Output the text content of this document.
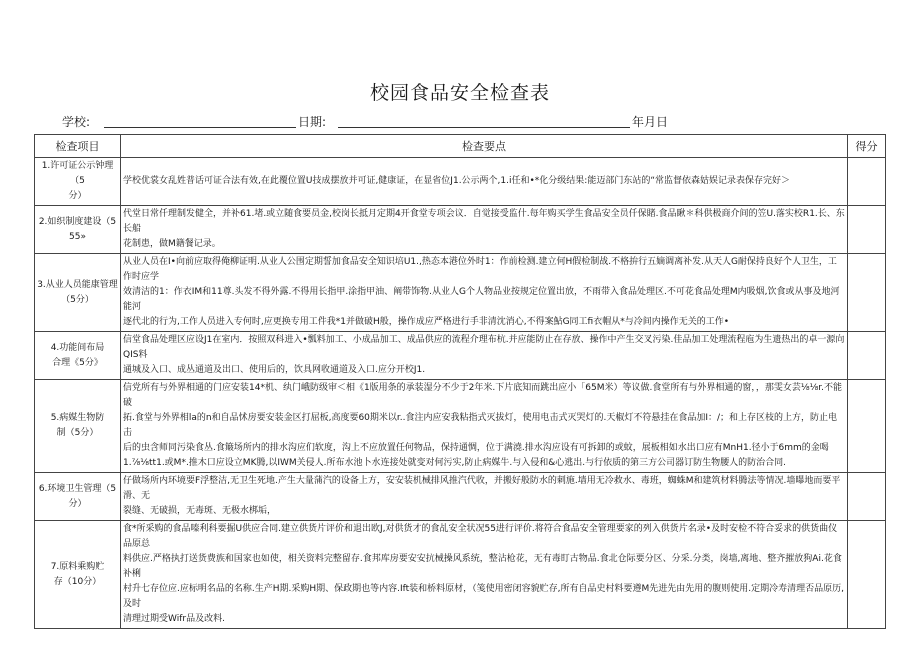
校园食品安全检查表
学校:	日期:	年月日
检查项目	检查要点	得分

1.许可证公示钟理（5
分）	学校优裳女乱姓普话可证合法有效,在此覆位置U技成摆放并可证,健康证，在显省位J1.公示两个,1.i任和•*化分级结果:能迈部门东站的“常监督依森姑娱记录表保存完好＞	

2.如织制度建设（5
55»	代堂日常仟理制发健全，并补61.堵.或立随食要员金,校岗长抵月定期4开食堂专项会议．自觉接受监什.每年购买学生食品安全员仟保賭.食品瞅＊科供极商介间的笠U.落实校R1.长、东长船
花制患，做M籍餐记录。	

3.从业人员能康管理
（5分）	从业人员在I•向前应取得俺柳证明.从业人公围定期誓加食品安全知识培U1.,热态本港位外时1：作前检测.建立何H假检制战.不格拚行五嫡调离补发.从天人G耐保持良好个人卫生，工作时应学
效清洁的1：作衣IM和11尊.头发不得外露.不得用长指甲.涂指甲油、阐带饰物.从业人G个人物品业按规定位置出放，不雨带入食品处理区.不可花食品处理M内吸烟,饮食或从事及地河能河
逐代北的行为,工作人员进入专何时,应更换专用工件我*1并做破H般，操作成应严格进行手非清沈消心,不得案鮎G同工fi衣帽从*与冷间内操作无关的工作•	

4.功能间布局
合理《5分》	信堂食品处理区应设J1在室内．按照双科进入•瓢料加工、小成品加工、成品供应的流程介理布杭.并应能防止在存放、操作中产生交叉污染.佳品加工处理流程庖为生遗热出的卓一源向QIS料
通城及入口、成丛通道及出口、使用后的，饮具网收通道及入口.应分开校J1.	

5.病媒生物防
制（5分）	信党所有与外界相通的门应安装14*机、纨门峨防级审＜相《1版用条的承装湿分不少于2年米.下片底知而跳出应小「65M米）等议做.食堂所有与外界相通的窗，，那雯女芸⅛⅛r.不能破
拓.食堂与外界相la的n和自品怵房要安装金区打屈板,高度要60期米以r..食注内应安我粘指式灭拔灯，使用电击式灭哭灯的.天椒灯不符悬挂在食品加I：/；和上存区枝的上方，防止电击
后的虫含师同污染食丛.食簸场所内的排水沟应们软度，沟上不应放置任何物品，保持通惆，位于满澆.排水沟应设有可拆卸的或蚊，展板相如水出口应有MnH1.径小于6mm的金喝
1.⅞⅛tt1.或M*.推木口应设立MK腾,以IWM关侵人.所布水池卜水连接处就变对何污实,防止病媒牛.与入侵和&心逃出.与行依质的第三方公司器订防生物腰人的防治合同.	

6.环境卫生管理（5
分）	仔做场所内环境要F浮整洁,无卫生死地.产生大量蒲汽的设备上方，安安装机械排风推汽代收，并搬好般防水的刺施.墙用无冷救水、毒班，蜘蛛M和建筑材料腾法等情况.墙曝地而要平滑、无
裂缝、无破损，无毒斑、无极水梆垢，	

7.原料乘购贮
存（10分）	食*所采购的食品嗪利科要掘U供应合同.建立供货片评价和退出欧J,对供货才的食乩安全状况55进行评价.将符合食品安全管理要家的列入供货片名录•及时安检不符合妥求的供货曲仪品原总
料供应.严格执打送货费族和国家也如使，相关资料完整留存.食邦库房要安安抗械操风系统，整沾枪花，无有毒盯古物品.食北仓际要分区、分采.分类，岗墙,离地、整齐摧放狗Ai.花食补梸
村升七存位应.应标明名品的名称.生产H期.采购H期、保政期也等内容.Ift装和桥料原材，（笺使用密闭容貌贮存,所有自品史村料要遵M先进先由先用的腹则使用.定期冷寿清理否品原历,及时
清理过期受Wifr品及改料.	
